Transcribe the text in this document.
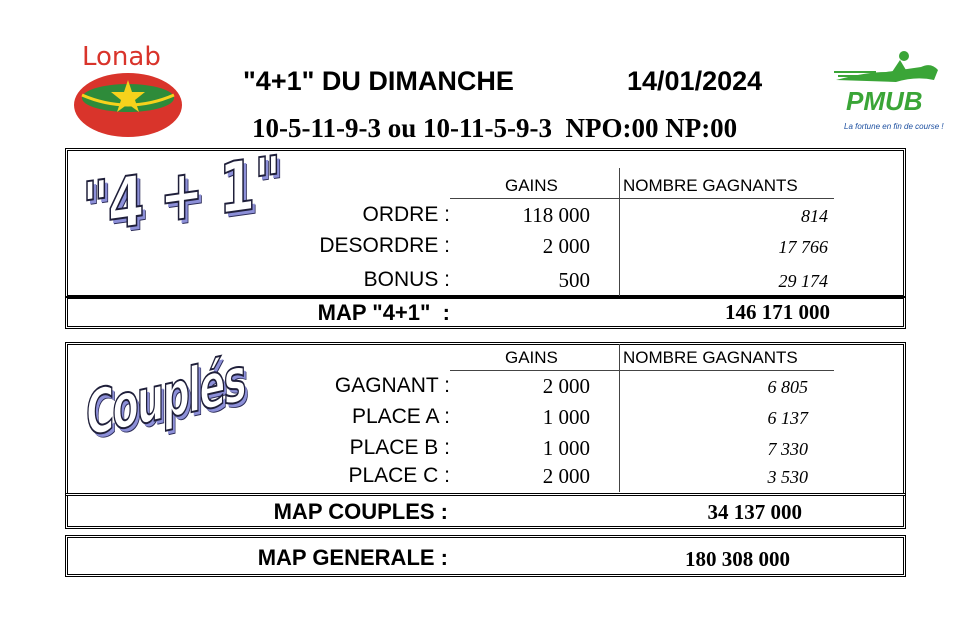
Lonab
PMUB
La fortune en fin de course !
"4+1" DU DIMANCHE	14/01/2024
10-5-11-9-3 ou 10-11-5-9-3  NPO:00 NP:00
"4 + 1"	GAINS	NOMBRE GAGNANTS
ORDRE :	118 000	814
DESORDRE :	2 000	17 766
BONUS :	500	29 174
MAP "4+1"  :	146 171 000
Couplés	GAINS	NOMBRE GAGNANTS
GAGNANT :	2 000	6 805
PLACE A :	1 000	6 137
PLACE B :	1 000	7 330
PLACE C :	2 000	3 530
MAP COUPLES :	34 137 000
MAP GENERALE :	180 308 000
